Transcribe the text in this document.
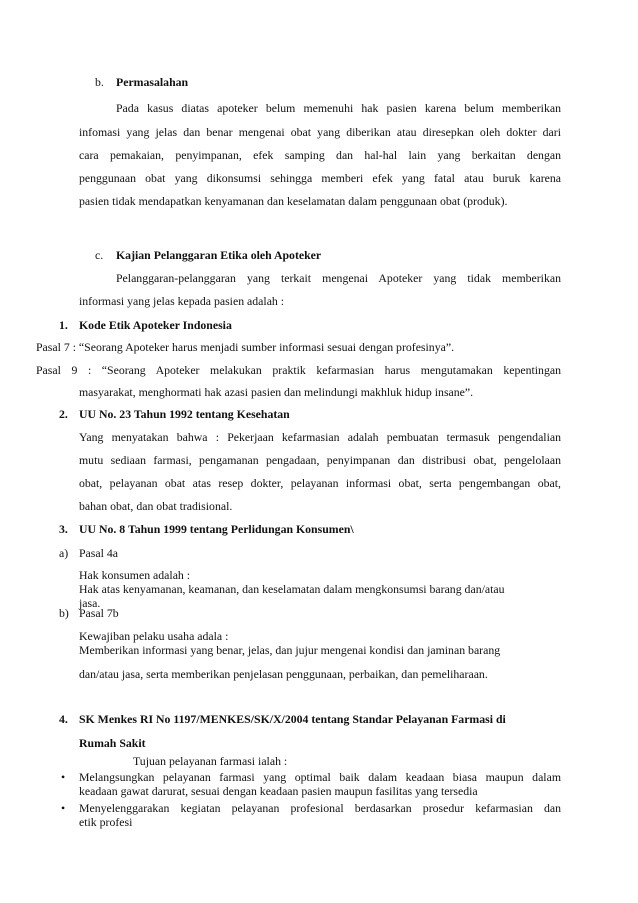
b. Permasalahan
Pada kasus diatas apoteker belum memenuhi hak pasien karena belum memberikan
infomasi yang jelas dan benar mengenai obat yang diberikan atau diresepkan oleh dokter dari
cara pemakaian, penyimpanan, efek samping dan hal-hal lain yang berkaitan dengan
penggunaan obat yang dikonsumsi sehingga memberi efek yang fatal atau buruk karena
pasien tidak mendapatkan kenyamanan dan keselamatan dalam penggunaan obat (produk).
c. Kajian Pelanggaran Etika oleh Apoteker
Pelanggaran-pelanggaran yang terkait mengenai Apoteker yang tidak memberikan
informasi yang jelas kepada pasien adalah :
1. Kode Etik Apoteker Indonesia
Pasal 7 : “Seorang Apoteker harus menjadi sumber informasi sesuai dengan profesinya”.
Pasal 9 : “Seorang Apoteker melakukan praktik kefarmasian harus mengutamakan kepentingan
masyarakat, menghormati hak azasi pasien dan melindungi makhluk hidup insane”.
2. UU No. 23 Tahun 1992 tentang Kesehatan
Yang menyatakan bahwa : Pekerjaan kefarmasian adalah pembuatan termasuk pengendalian
mutu sediaan farmasi, pengamanan pengadaan, penyimpanan dan distribusi obat, pengelolaan
obat, pelayanan obat atas resep dokter, pelayanan informasi obat, serta pengembangan obat,
bahan obat, dan obat tradisional.
3. UU No. 8 Tahun 1999 tentang Perlidungan Konsumen\
a) Pasal 4a
Hak konsumen adalah :
Hak atas kenyamanan, keamanan, dan keselamatan dalam mengkonsumsi barang dan/atau
jasa.
b) Pasal 7b
Kewajiban pelaku usaha adala :
Memberikan informasi yang benar, jelas, dan jujur mengenai kondisi dan jaminan barang
dan/atau jasa, serta memberikan penjelasan penggunaan, perbaikan, dan pemeliharaan.
4. SK Menkes RI No 1197/MENKES/SK/X/2004 tentang Standar Pelayanan Farmasi di
Rumah Sakit
Tujuan pelayanan farmasi ialah :
• Melangsungkan pelayanan farmasi yang optimal baik dalam keadaan biasa maupun dalam
keadaan gawat darurat, sesuai dengan keadaan pasien maupun fasilitas yang tersedia
• Menyelenggarakan kegiatan pelayanan profesional berdasarkan prosedur kefarmasian dan
etik profesi
